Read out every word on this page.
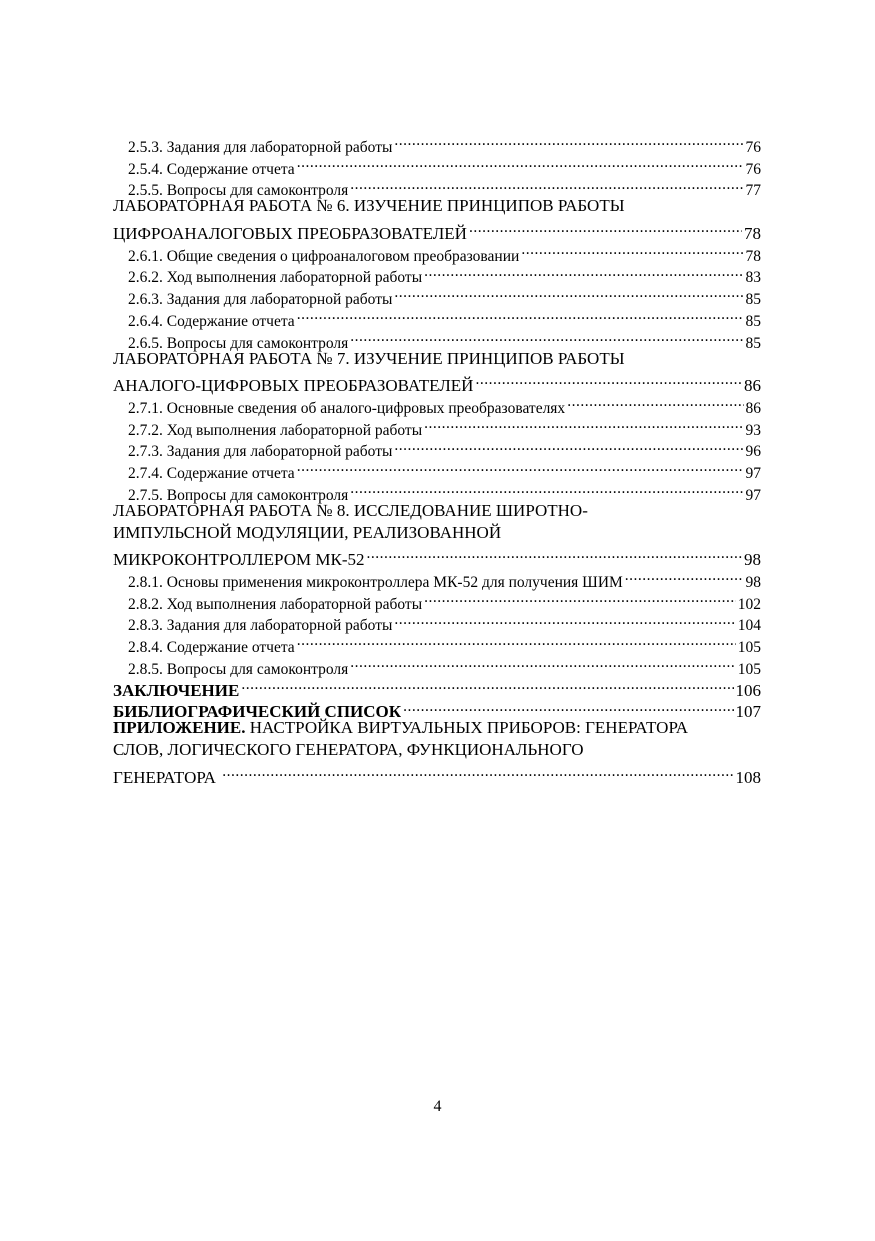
2.5.3. Задания для лабораторной работы .....	76
2.5.4. Содержание отчета .....	76
2.5.5. Вопросы для самоконтроля .....	77
ЛАБОРАТОРНАЯ РАБОТА № 6. ИЗУЧЕНИЕ ПРИНЦИПОВ РАБОТЫ
ЦИФРОАНАЛОГОВЫХ ПРЕОБРАЗОВАТЕЛЕЙ .....	78
2.6.1. Общие сведения о цифроаналоговом преобразовании .....	78
2.6.2. Ход выполнения лабораторной работы .....	83
2.6.3. Задания для лабораторной работы .....	85
2.6.4. Содержание отчета .....	85
2.6.5. Вопросы для самоконтроля .....	85
ЛАБОРАТОРНАЯ РАБОТА № 7. ИЗУЧЕНИЕ ПРИНЦИПОВ РАБОТЫ
АНАЛОГО-ЦИФРОВЫХ ПРЕОБРАЗОВАТЕЛЕЙ .....	86
2.7.1. Основные сведения об аналого-цифровых преобразователях .....	86
2.7.2. Ход выполнения лабораторной работы .....	93
2.7.3. Задания для лабораторной работы .....	96
2.7.4. Содержание отчета .....	97
2.7.5. Вопросы для самоконтроля .....	97
ЛАБОРАТОРНАЯ РАБОТА № 8. ИССЛЕДОВАНИЕ ШИРОТНО-
ИМПУЛЬСНОЙ МОДУЛЯЦИИ, РЕАЛИЗОВАННОЙ
МИКРОКОНТРОЛЛЕРОМ МК-52 .....	98
2.8.1. Основы применения микроконтроллера МК-52 для получения ШИМ .....	98
2.8.2. Ход выполнения лабораторной работы .....	102
2.8.3. Задания для лабораторной работы .....	104
2.8.4. Содержание отчета .....	105
2.8.5. Вопросы для самоконтроля .....	105
ЗАКЛЮЧЕНИЕ .....	106
БИБЛИОГРАФИЧЕСКИЙ СПИСОК .....	107
ПРИЛОЖЕНИЕ. НАСТРОЙКА ВИРТУАЛЬНЫХ ПРИБОРОВ: ГЕНЕРАТОРА
СЛОВ, ЛОГИЧЕСКОГО ГЕНЕРАТОРА, ФУНКЦИОНАЛЬНОГО
ГЕНЕРАТОРА .....	108
4
